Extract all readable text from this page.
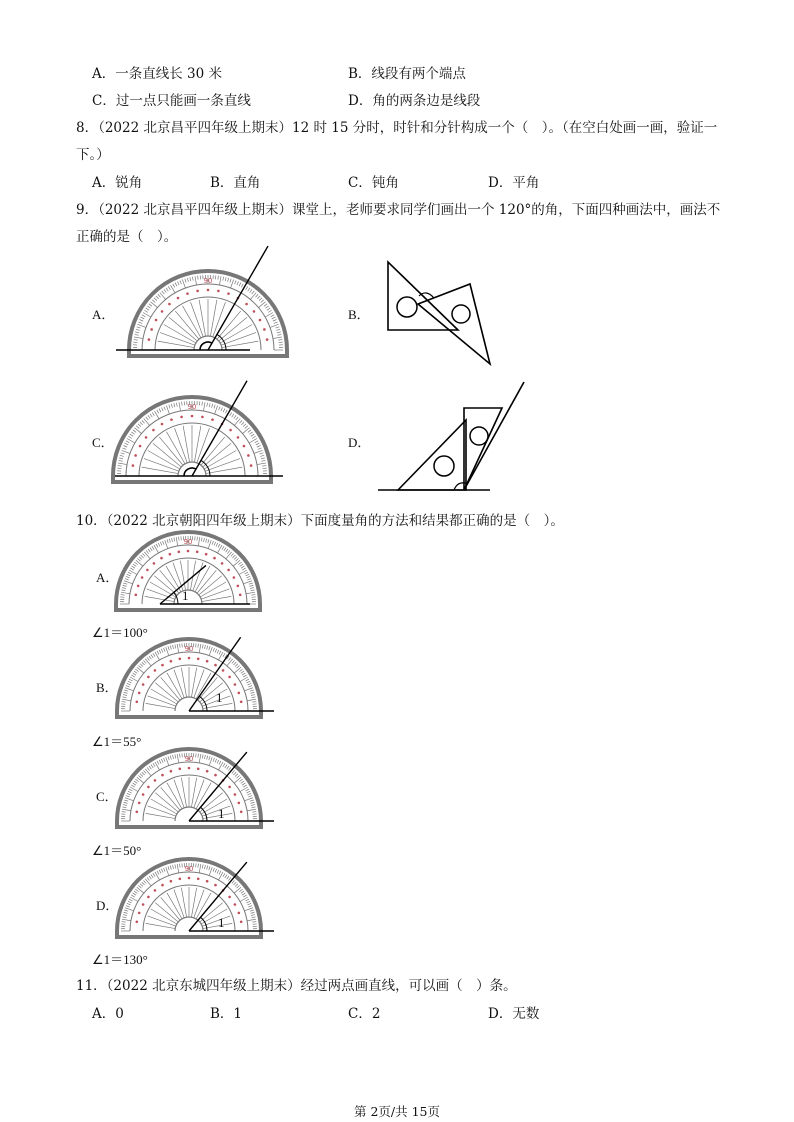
A．一条直线长 30 米	B．线段有两个端点
C．过一点只能画一条直线	D．角的两条边是线段
8．（2022 北京昌平四年级上期末）12 时 15 分时，时针和分针构成一个（　）。（在空白处画一画，验证一
下。）
A．锐角	B．直角	C．钝角	D．平角
9．（2022 北京昌平四年级上期末）课堂上，老师要求同学们画出一个 120°的角，下面四种画法中，画法不
正确的是（　）。
A．	B．
C．	D．
90
90
10．（2022 北京朝阳四年级上期末）下面度量角的方法和结果都正确的是（　）。
A．
90
1
∠1＝100°
B．
90
1
∠1＝55°
C．
90
1
∠1＝50°
D．
90
1
∠1＝130°
11．（2022 北京东城四年级上期末）经过两点画直线，可以画（　）条。
A．0	B．1	C．2	D．无数
第 2页/共 15页
